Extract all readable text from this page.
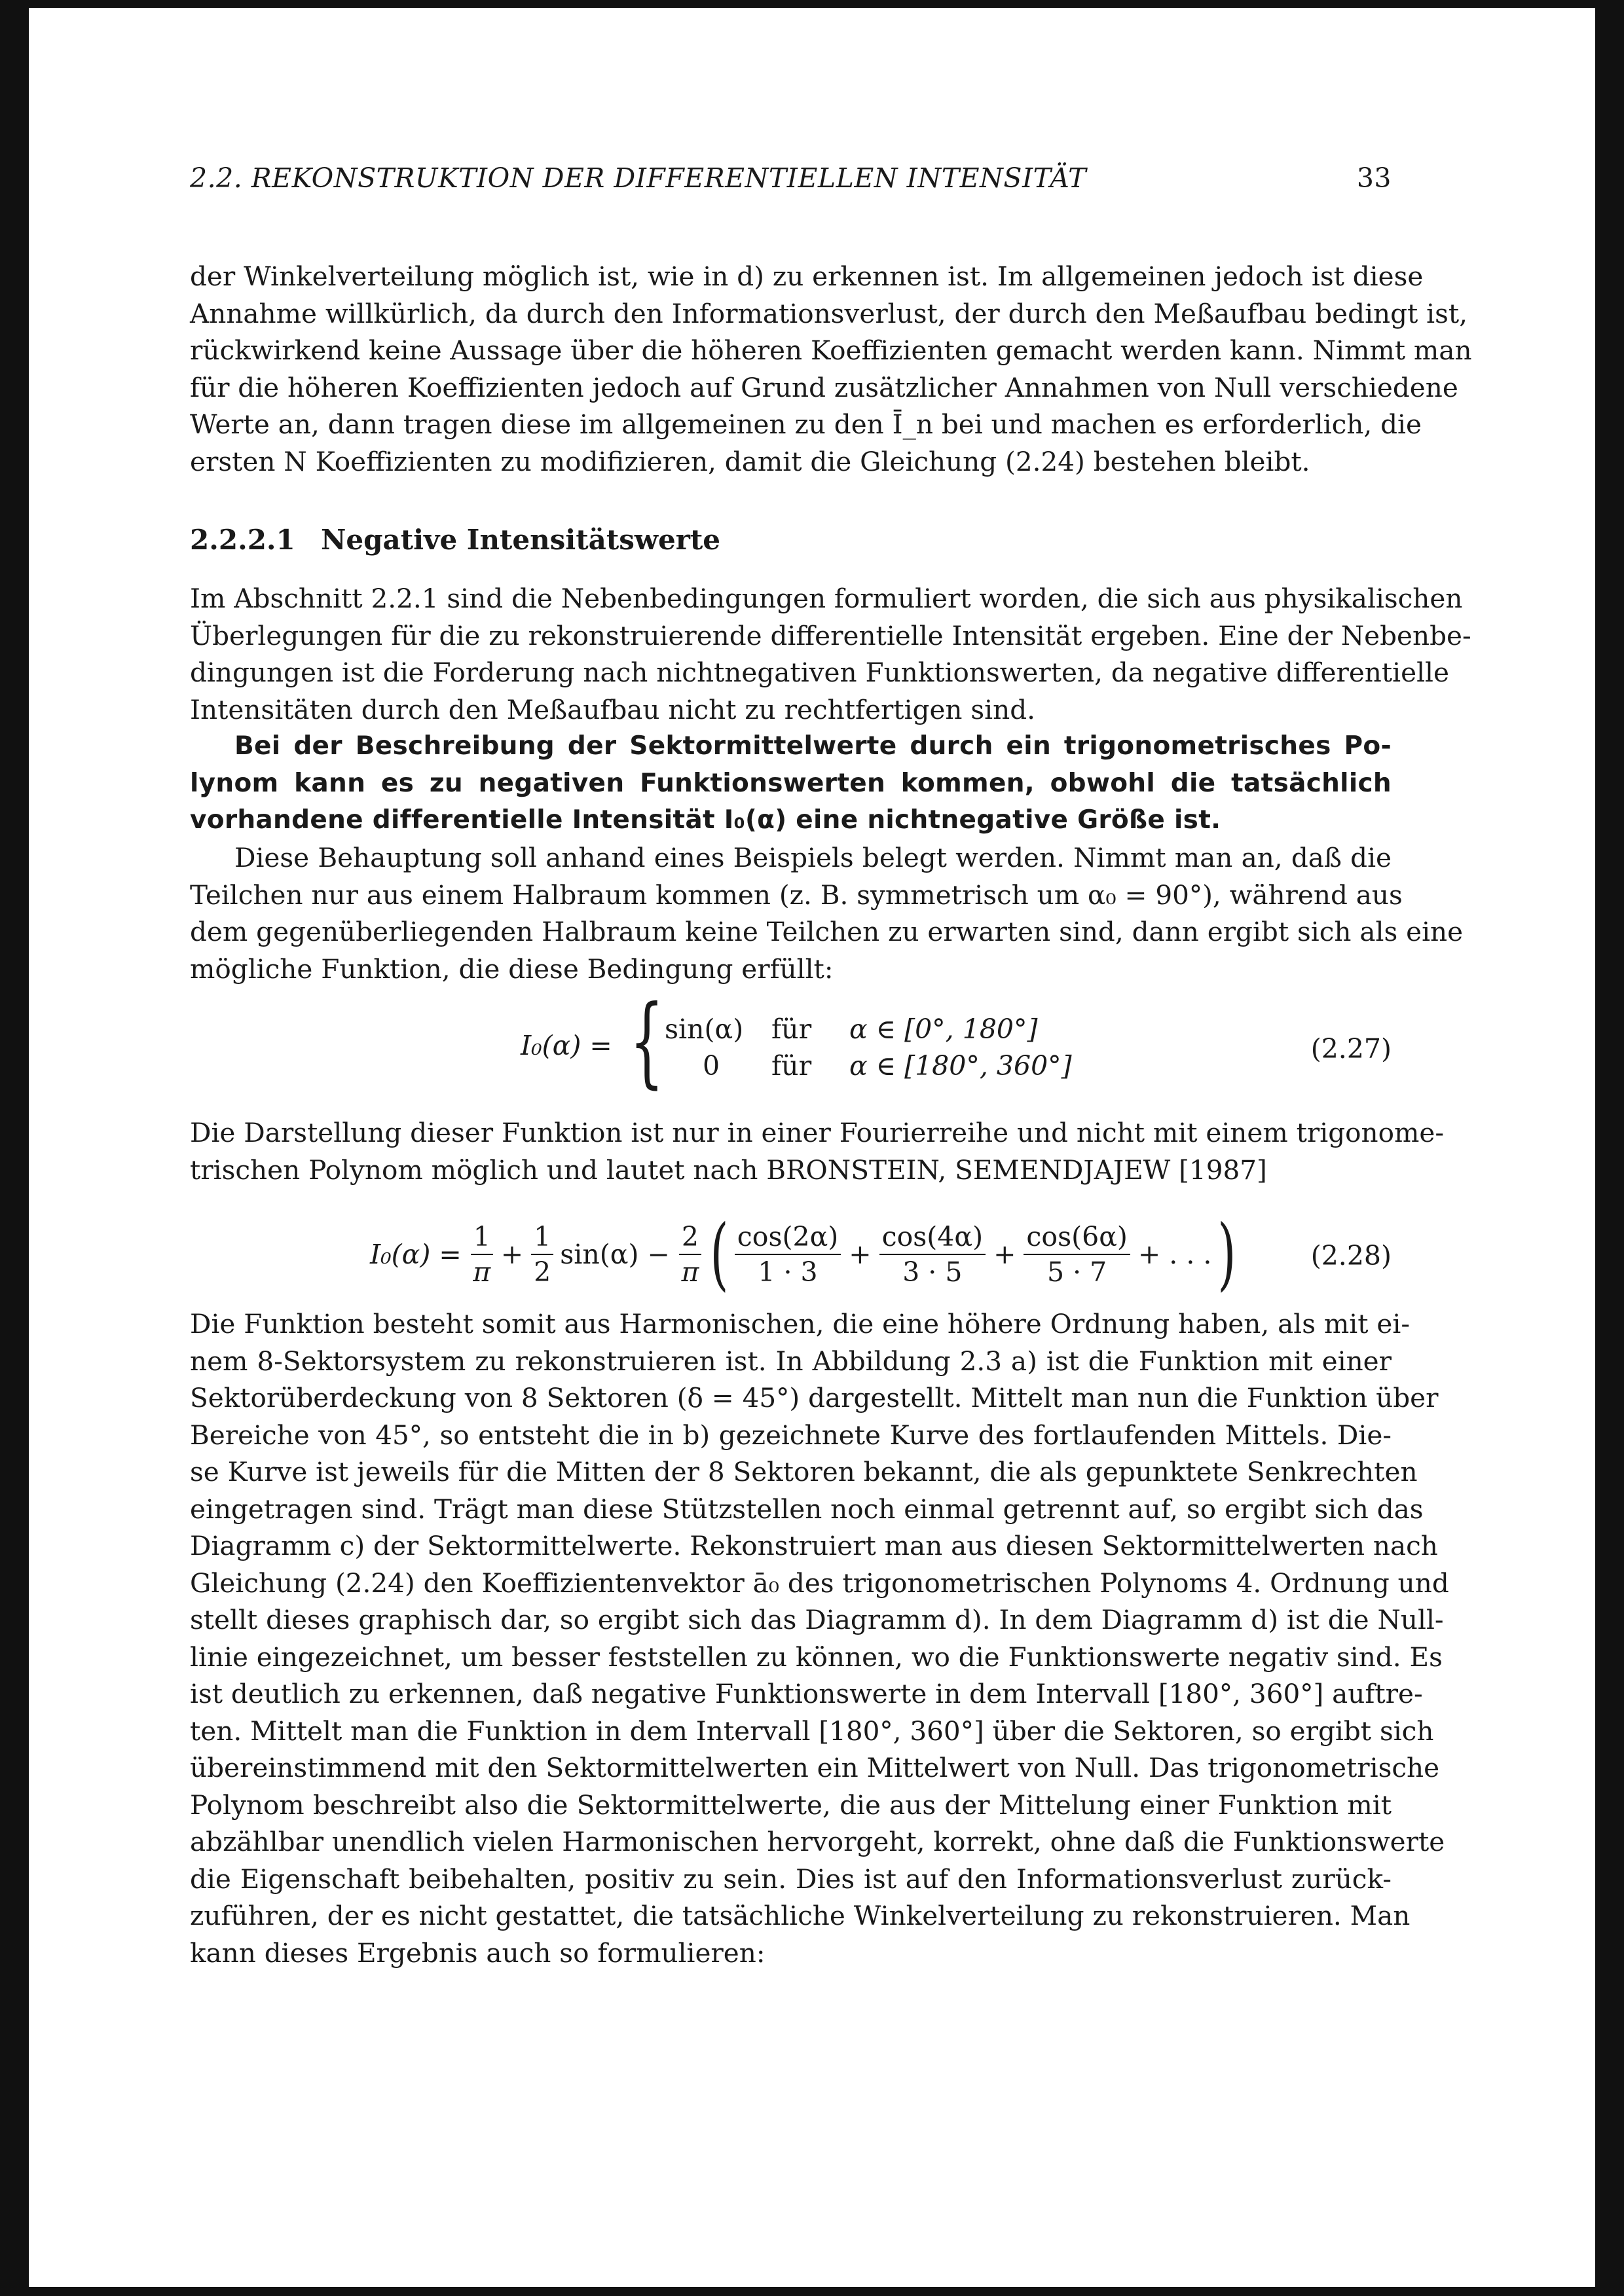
2.2. REKONSTRUKTION DER DIFFERENTIELLEN INTENSITÄT	33
der Winkelverteilung möglich ist, wie in d) zu erkennen ist. Im allgemeinen jedoch ist diese
Annahme willkürlich, da durch den Informationsverlust, der durch den Meßaufbau bedingt ist,
rückwirkend keine Aussage über die höheren Koeffizienten gemacht werden kann. Nimmt man
für die höheren Koeffizienten jedoch auf Grund zusätzlicher Annahmen von Null verschiedene
Werte an, dann tragen diese im allgemeinen zu den Ī_n bei und machen es erforderlich, die
ersten N Koeffizienten zu modifizieren, damit die Gleichung (2.24) bestehen bleibt.
2.2.2.1 Negative Intensitätswerte
Im Abschnitt 2.2.1 sind die Nebenbedingungen formuliert worden, die sich aus physikalischen
Überlegungen für die zu rekonstruierende differentielle Intensität ergeben. Eine der Nebenbe-
dingungen ist die Forderung nach nichtnegativen Funktionswerten, da negative differentielle
Intensitäten durch den Meßaufbau nicht zu rechtfertigen sind.
Bei der Beschreibung der Sektormittelwerte durch ein trigonometrisches Po-
lynom kann es zu negativen Funktionswerten kommen, obwohl die tatsächlich
vorhandene differentielle Intensität I₀(α) eine nichtnegative Größe ist.
Diese Behauptung soll anhand eines Beispiels belegt werden. Nimmt man an, daß die
Teilchen nur aus einem Halbraum kommen (z. B. symmetrisch um α₀ = 90°), während aus
dem gegenüberliegenden Halbraum keine Teilchen zu erwarten sind, dann ergibt sich als eine
mögliche Funktion, die diese Bedingung erfüllt:
I₀(α) = { sin(α) für α ∈ [0°, 180°]
0 für α ∈ [180°, 360°]
(2.27)
Die Darstellung dieser Funktion ist nur in einer Fourierreihe und nicht mit einem trigonome-
trischen Polynom möglich und lautet nach BRONSTEIN, SEMENDJAJEW [1987]
$I_0(\alpha) = \frac{1}{\pi} + \frac{1}{2} \sin(\alpha) - \frac{2}{\pi}$ ( $\frac{\cos(2\alpha)}{1 \cdot 3} + \frac{\cos(4\alpha)}{3 \cdot 5} + \frac{\cos(6\alpha)}{5 \cdot 7}$ + . . . )	(2.28)
Die Funktion besteht somit aus Harmonischen, die eine höhere Ordnung haben, als mit ei-
nem 8-Sektorsystem zu rekonstruieren ist. In Abbildung 2.3 a) ist die Funktion mit einer
Sektorüberdeckung von 8 Sektoren (δ = 45°) dargestellt. Mittelt man nun die Funktion über
Bereiche von 45°, so entsteht die in b) gezeichnete Kurve des fortlaufenden Mittels. Die-
se Kurve ist jeweils für die Mitten der 8 Sektoren bekannt, die als gepunktete Senkrechten
eingetragen sind. Trägt man diese Stützstellen noch einmal getrennt auf, so ergibt sich das
Diagramm c) der Sektormittelwerte. Rekonstruiert man aus diesen Sektormittelwerten nach
Gleichung (2.24) den Koeffizientenvektor ā₀ des trigonometrischen Polynoms 4. Ordnung und
stellt dieses graphisch dar, so ergibt sich das Diagramm d). In dem Diagramm d) ist die Null-
linie eingezeichnet, um besser feststellen zu können, wo die Funktionswerte negativ sind. Es
ist deutlich zu erkennen, daß negative Funktionswerte in dem Intervall [180°, 360°] auftre-
ten. Mittelt man die Funktion in dem Intervall [180°, 360°] über die Sektoren, so ergibt sich
übereinstimmend mit den Sektormittelwerten ein Mittelwert von Null. Das trigonometrische
Polynom beschreibt also die Sektormittelwerte, die aus der Mittelung einer Funktion mit
abzählbar unendlich vielen Harmonischen hervorgeht, korrekt, ohne daß die Funktionswerte
die Eigenschaft beibehalten, positiv zu sein. Dies ist auf den Informationsverlust zurück-
zuführen, der es nicht gestattet, die tatsächliche Winkelverteilung zu rekonstruieren. Man
kann dieses Ergebnis auch so formulieren:
